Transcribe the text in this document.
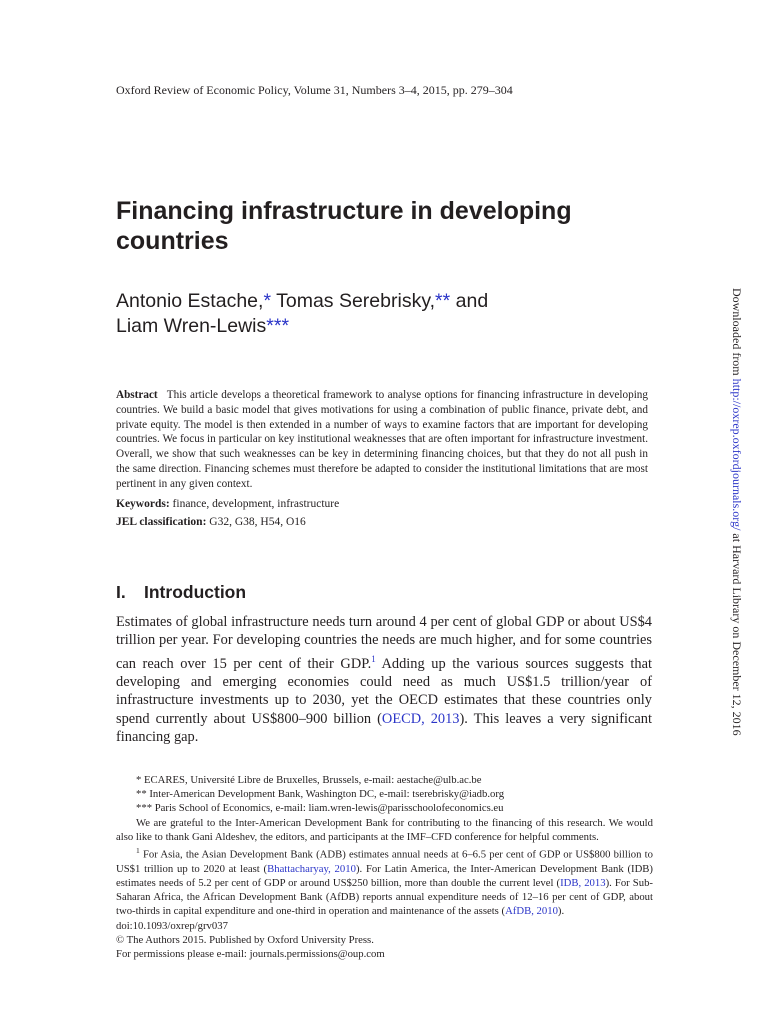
Oxford Review of Economic Policy, Volume 31, Numbers 3–4, 2015, pp. 279–304
Financing infrastructure in developing
countries
Antonio Estache,* Tomas Serebrisky,** and
Liam Wren-Lewis***
Abstract This article develops a theoretical framework to analyse options for financing infrastructure in developing countries. We build a basic model that gives motivations for using a combination of public finance, private debt, and private equity. The model is then extended in a number of ways to examine factors that are important for developing countries. We focus in particular on key institutional weaknesses that are often important for infrastructure investment. Overall, we show that such weaknesses can be key in determining financing choices, but that they do not all push in the same direction. Financing schemes must therefore be adapted to consider the institutional limitations that are most pertinent in any given context.
Keywords: finance, development, infrastructure
JEL classification: G32, G38, H54, O16
I. Introduction
Estimates of global infrastructure needs turn around 4 per cent of global GDP or about US$4 trillion per year. For developing countries the needs are much higher, and for some countries can reach over 15 per cent of their GDP.$^1$ Adding up the various sources suggests that developing and emerging economies could need as much US$1.5 trillion/year of infrastructure investments up to 2030, yet the OECD estimates that these countries only spend currently about US$800–900 billion (OECD, 2013). This leaves a very significant financing gap.
* ECARES, Université Libre de Bruxelles, Brussels, e-mail: aestache@ulb.ac.be
** Inter-American Development Bank, Washington DC, e-mail: tserebrisky@iadb.org
*** Paris School of Economics, e-mail: liam.wren-lewis@parisschoolofeconomics.eu
We are grateful to the Inter-American Development Bank for contributing to the financing of this research. We would also like to thank Gani Aldeshev, the editors, and participants at the IMF–CFD conference for helpful comments.
$^1$ For Asia, the Asian Development Bank (ADB) estimates annual needs at 6–6.5 per cent of GDP or US$800 billion to US$1 trillion up to 2020 at least (Bhattacharyay, 2010). For Latin America, the Inter-American Development Bank (IDB) estimates needs of 5.2 per cent of GDP or around US$250 billion, more than double the current level (IDB, 2013). For Sub-Saharan Africa, the African Development Bank (AfDB) reports annual expenditure needs of 12–16 per cent of GDP, about two-thirds in capital expenditure and one-third in operation and maintenance of the assets (AfDB, 2010).
doi:10.1093/oxrep/grv037
© The Authors 2015. Published by Oxford University Press.
For permissions please e-mail: journals.permissions@oup.com
Downloaded from http://oxrep.oxfordjournals.org/ at Harvard Library on December 12, 2016
